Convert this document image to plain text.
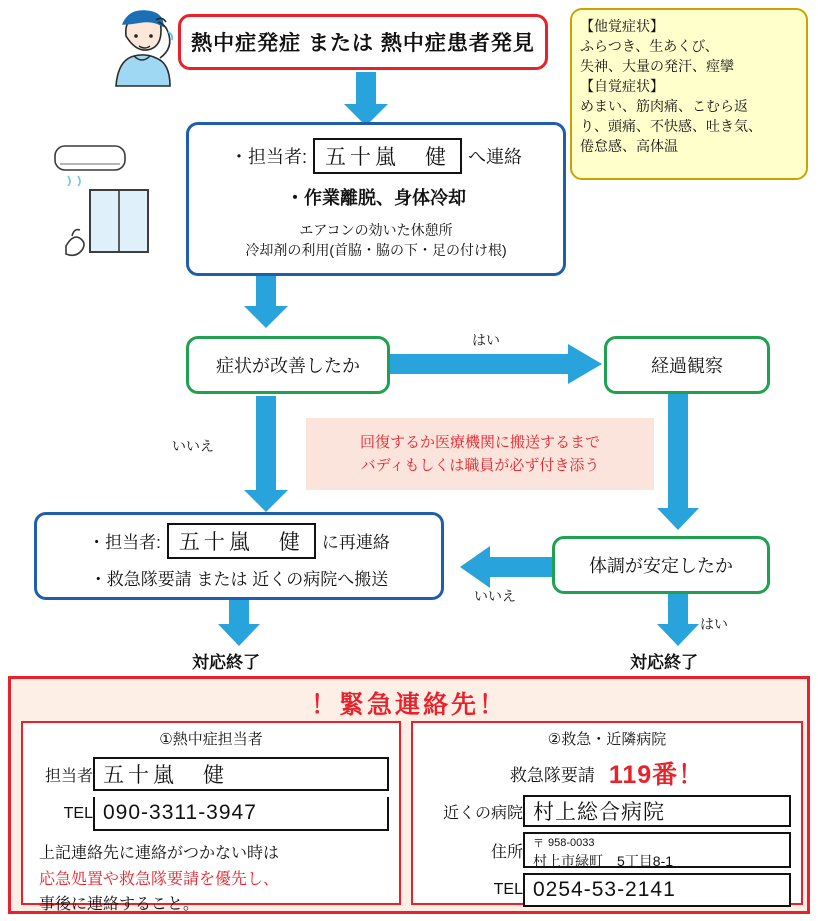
熱中症発症 または 熱中症患者発見
【他覚症状】
ふらつき、生あくび、
失神、大量の発汗、痙攣
【自覚症状】
めまい、筋肉痛、こむら返
り、頭痛、不快感、吐き気、
倦怠感、高体温
・担当者: 五十嵐　健	へ連絡
・作業離脱、身体冷却
エアコンの効いた休憩所
冷却剤の利用(首脇・脇の下・足の付け根)
症状が改善したか
はい
いいえ
経過観察
回復するか医療機関に搬送するまで
バディもしくは職員が必ず付き添う
体調が安定したか
いいえ
はい
・担当者: 五十嵐　健	に再連絡
・救急隊要請 または 近くの病院へ搬送
対応終了	対応終了
！緊急連絡先！
①熱中症担当者
担当者 五十嵐　健
TEL 090-3311-3947
上記連絡先に連絡がつかない時は
応急処置や救急隊要請を優先し、
事後に連絡すること。
②救急・近隣病院
救急隊要請 119番！
近くの病院 村上総合病院
住所 〒 958-0033
村上市緑町　5丁目8-1
TEL 0254-53-2141
